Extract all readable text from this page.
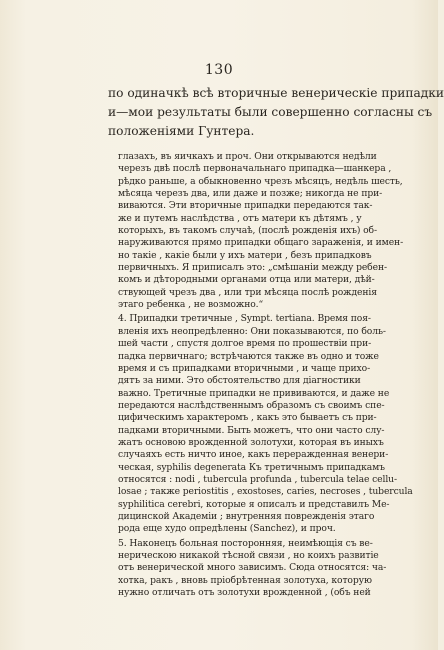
130
по одиначкѣ всѣ вторичные венерическіе припадки
и—мои результаты были совершенно согласны съ
положеніями Гунтера.
глазахъ, въ яичкахъ и проч. Они открываются недѣли
черезъ двѣ послѣ первоначальнаго припадка—шанкера ,
рѣдко раньше, а обыкновенно чрезъ мѣсяцъ, недѣль шесть,
мѣсяца черезъ два, или даже и позже; никогда не при-
виваются. Эти вторичные припадки передаются так-
же и путемъ наслѣдства , отъ матери къ дѣтямъ , у
которыхъ, въ такомъ случаѣ, (послѣ рожденія ихъ) об-
наруживаются прямо припадки общаго зараженія, и имен-
но такіе , какіе были у ихъ матери , безъ припадковъ
первичныхъ. Я приписалъ это: „смѣшаніи между ребен-
комъ и дѣтородными органами отца или матери, дѣй-
ствующей чрезъ два , или три мѣсяца послѣ рожденія
этаго ребенка , не возможно.“
4. Припадки третичные , Sympt. tertiana. Время поя-
вленія ихъ неопредѣленно: Они показываются, по боль-
шей части , спустя долгое время по прошествіи при-
падка первичнаго; встрѣчаются также въ одно и тоже
время и съ припадками вторичными , и чаще прихо-
дятъ за ними. Это обстоятельство для діагностики
важно. Третичные припадки не прививаются, и даже не
передаются наслѣдственнымъ образомъ съ своимъ спе-
цифическимъ характеромъ , какъ это бываетъ съ при-
падками вторичными. Быть можетъ, что они часто слу-
жатъ основою врожденной золотухи, которая въ иныхъ
случаяхъ есть ничто иное, какъ переражденная венери-
ческая, syphilis degenerata Къ третичнымъ припадкамъ
относятся : nodi , tubercula profunda , tubercula telae cellu-
losae ; также periostitis , exostoses, caries, necroses , tubercula
syphilitica cerebri, которые я описалъ и представилъ Ме-
дицинской Академіи ; внутренняя поврежденія этаго
рода еще худо опредѣлены (Sanchez), и проч.
5. Наконецъ больная посторонняя, неимѣющія съ ве-
нерическою никакой тѣсной связи , но коихъ развитіе
отъ венерической много зависимъ. Сюда относятся: ча-
хотка, ракъ , вновь пріобрѣтенная золотуха, которую
нужно отличать отъ золотухи врожденной , (объ ней
